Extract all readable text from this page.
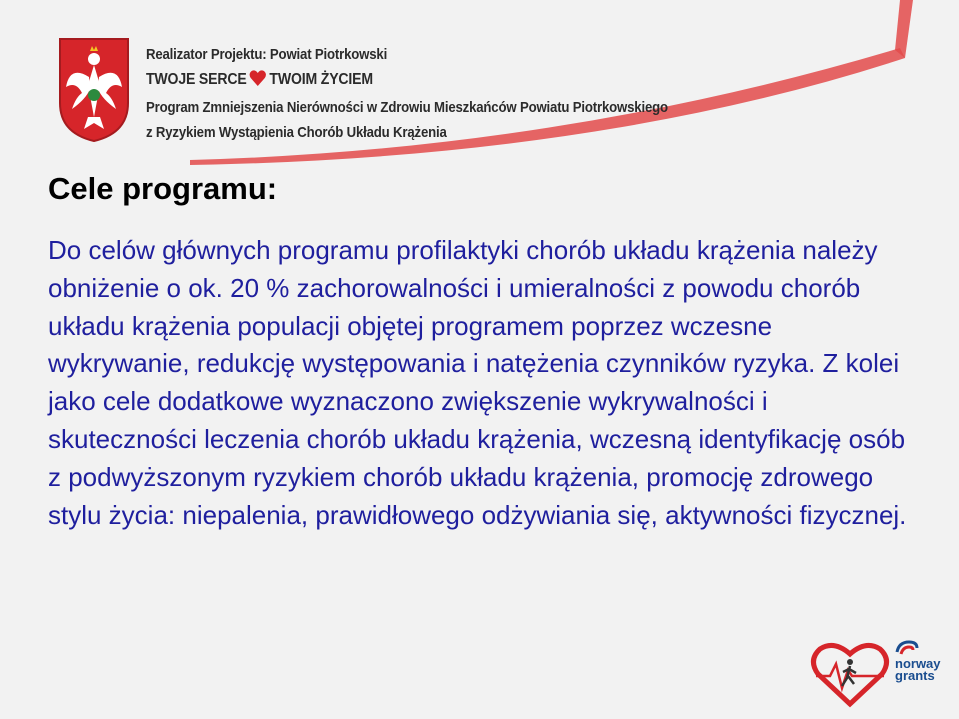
Realizator Projektu: Powiat Piotrkowski
TWOJE SERCE TWOIM ŻYCIEM
Program Zmniejszenia Nierówności w Zdrowiu Mieszkańców Powiatu Piotrkowskiego
z Ryzykiem Wystąpienia Chorób Układu Krążenia
Cele programu:

Do celów głównych programu profilaktyki chorób układu krążenia należy obniżenie o ok. 20 % zachorowalności i umieralności z powodu chorób układu krążenia populacji objętej programem poprzez wczesne wykrywanie, redukcję występowania i natężenia czynników ryzyka. Z kolei jako cele dodatkowe wyznaczono zwiększenie wykrywalności i skuteczności leczenia chorób układu krążenia, wczesną identyfikację osób z podwyższonym ryzykiem chorób układu krążenia, promocję zdrowego stylu życia: niepalenia, prawidłowego odżywiania się, aktywności fizycznej.

norway
grants
